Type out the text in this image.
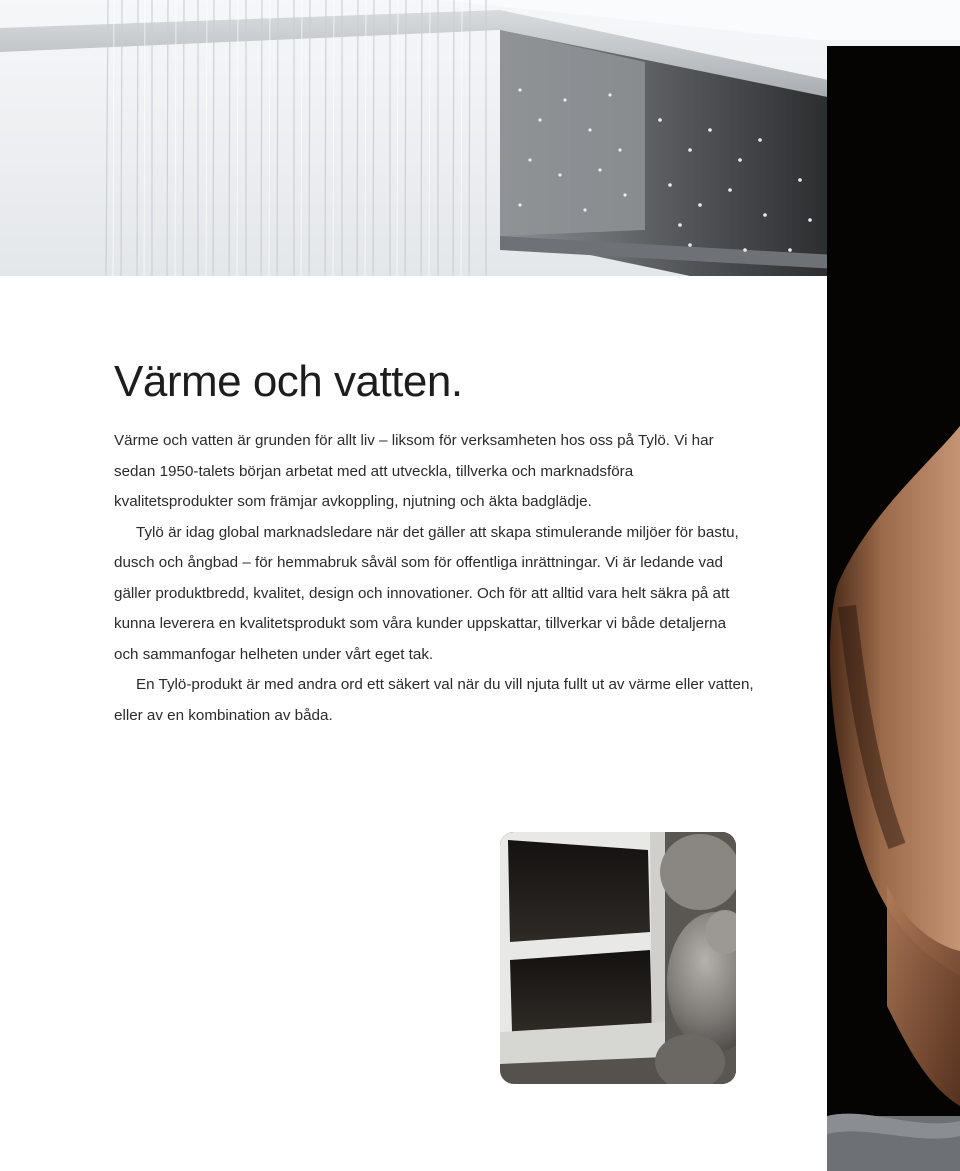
Värme och vatten.

Värme och vatten är grunden för allt liv – liksom för verksamheten hos oss på Tylö. Vi har sedan 1950-talets början arbetat med att utveckla, tillverka och marknadsföra kvalitetsprodukter som främjar avkoppling, njutning och äkta badglädje.

Tylö är idag global marknadsledare när det gäller att skapa stimulerande miljöer för bastu, dusch och ångbad – för hemmabruk såväl som för offentliga inrättningar. Vi är ledande vad gäller produktbredd, kvalitet, design och innovationer. Och för att alltid vara helt säkra på att kunna leverera en kvalitetsprodukt som våra kunder uppskattar, tillverkar vi både detaljerna och sammanfogar helheten under vårt eget tak.

En Tylö-produkt är med andra ord ett säkert val när du vill njuta fullt ut av värme eller vatten, eller av en kombination av båda.
